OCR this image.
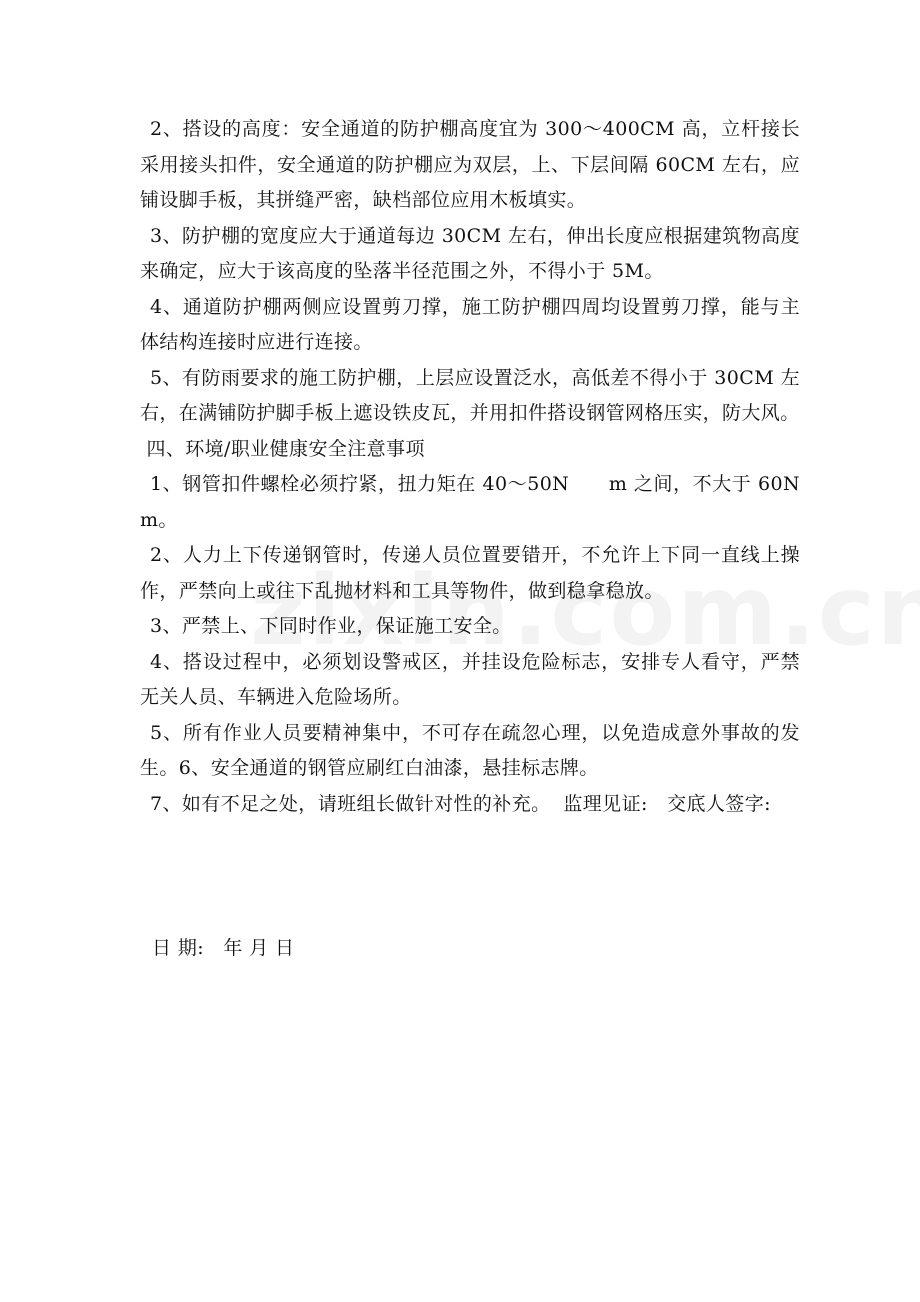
2、搭设的高度：安全通道的防护棚高度宜为 300～400CM 高，立杆接长采用接头扣件，安全通道的防护棚应为双层，上、下层间隔 60CM 左右，应铺设脚手板，其拼缝严密，缺档部位应用木板填实。

3、防护棚的宽度应大于通道每边 30CM 左右，伸出长度应根据建筑物高度来确定，应大于该高度的坠落半径范围之外，不得小于 5M。

4、通道防护棚两侧应设置剪刀撑，施工防护棚四周均设置剪刀撑，能与主体结构连接时应进行连接。

5、有防雨要求的施工防护棚，上层应设置泛水，高低差不得小于 30CM 左右，在满铺防护脚手板上遮设铁皮瓦，并用扣件搭设钢管网格压实，防大风。

四、环境/职业健康安全注意事项

1、钢管扣件螺栓必须拧紧，扭力矩在 40～50N      m 之间，不大于 60N m。

2、人力上下传递钢管时，传递人员位置要错开，不允许上下同一直线上操作，严禁向上或往下乱抛材料和工具等物件，做到稳拿稳放。

3、严禁上、下同时作业，保证施工安全。

4、搭设过程中，必须划设警戒区，并挂设危险标志，安排专人看守，严禁无关人员、车辆进入危险场所。

5、所有作业人员要精神集中，不可存在疏忽心理，以免造成意外事故的发生。6、安全通道的钢管应刷红白油漆，悬挂标志牌。

7、如有不足之处，请班组长做针对性的补充。  监理见证:   交底人签字:

日 期:   年 月 日
